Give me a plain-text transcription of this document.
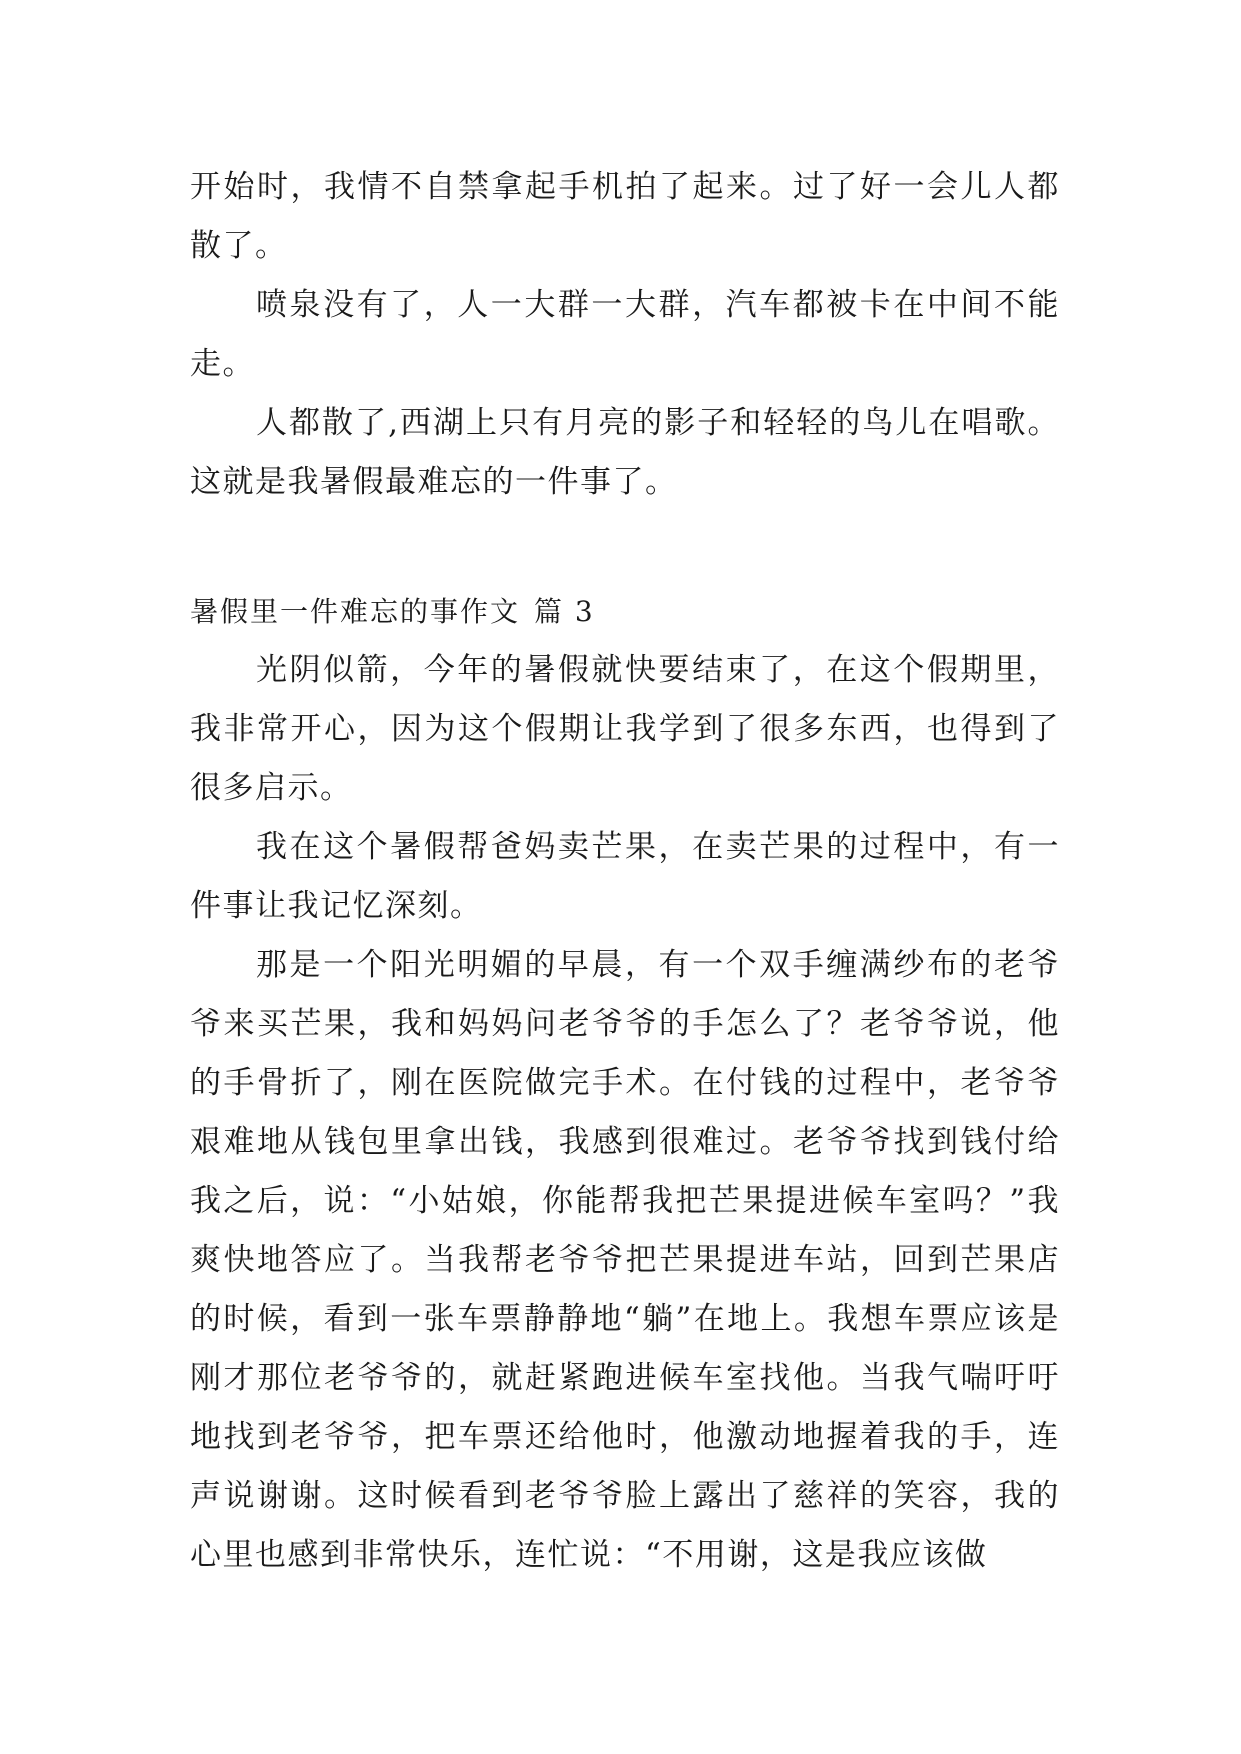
开始时，我情不自禁拿起手机拍了起来。过了好一会儿人都散了。

喷泉没有了，人一大群一大群，汽车都被卡在中间不能走。

人都散了,西湖上只有月亮的影子和轻轻的鸟儿在唱歌。这就是我暑假最难忘的一件事了。

暑假里一件难忘的事作文 篇 3

光阴似箭，今年的暑假就快要结束了，在这个假期里，我非常开心，因为这个假期让我学到了很多东西，也得到了很多启示。

我在这个暑假帮爸妈卖芒果，在卖芒果的过程中，有一件事让我记忆深刻。

那是一个阳光明媚的早晨，有一个双手缠满纱布的老爷爷来买芒果，我和妈妈问老爷爷的手怎么了？老爷爷说，他的手骨折了，刚在医院做完手术。在付钱的过程中，老爷爷艰难地从钱包里拿出钱，我感到很难过。老爷爷找到钱付给我之后，说：“小姑娘，你能帮我把芒果提进候车室吗？”我爽快地答应了。当我帮老爷爷把芒果提进车站，回到芒果店的时候，看到一张车票静静地“躺”在地上。我想车票应该是刚才那位老爷爷的，就赶紧跑进候车室找他。当我气喘吁吁地找到老爷爷，把车票还给他时，他激动地握着我的手，连声说谢谢。这时候看到老爷爷脸上露出了慈祥的笑容，我的心里也感到非常快乐，连忙说：“不用谢，这是我应该做
